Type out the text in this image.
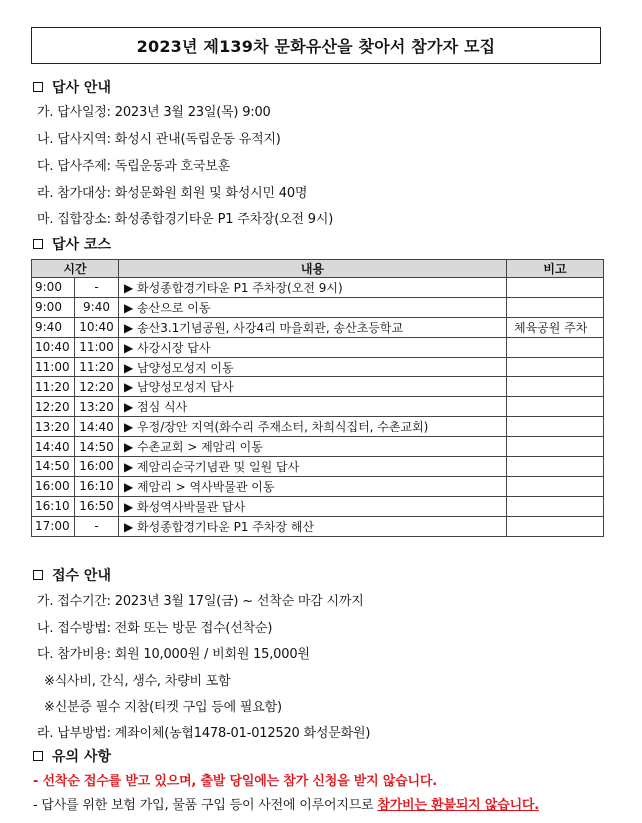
2023년 제139차 문화유산을 찾아서 참가자 모집
답사 안내
가. 답사일정: 2023년 3월 23일(목) 9:00
나. 답사지역: 화성시 관내(독립운동 유적지)
다. 답사주제: 독립운동과 호국보훈
라. 참가대상: 화성문화원 회원 및 화성시민 40명
마. 집합장소: 화성종합경기타운 P1 주차장(오전 9시)
답사 코스
시간		내용	비고
9:00	-	▶ 화성종합경기타운 P1 주차장(오전 9시)	
9:00	9:40	▶ 송산으로 이동	
9:40	10:40	▶ 송산3.1기념공원, 사강4리 마을회관, 송산초등학교	체육공원 주차
10:40	11:00	▶ 사강시장 답사	
11:00	11:20	▶ 남양성모성지 이동	
11:20	12:20	▶ 남양성모성지 답사	
12:20	13:20	▶ 점심 식사	
13:20	14:40	▶ 우정/장안 지역(화수리 주재소터, 차희식집터, 수촌교회)	
14:40	14:50	▶ 수촌교회 > 제암리 이동	
14:50	16:00	▶ 제암리순국기념관 및 일원 답사	
16:00	16:10	▶ 제암리 > 역사박물관 이동	
16:10	16:50	▶ 화성역사박물관 답사	
17:00	-	▶ 화성종합경기타운 P1 주차장 해산	
접수 안내
가. 접수기간: 2023년 3월 17일(금) ~ 선착순 마감 시까지
나. 접수방법: 전화 또는 방문 접수(선착순)
다. 참가비용: 회원 10,000원 / 비회원 15,000원
※식사비, 간식, 생수, 차량비 포함
※신분증 필수 지참(티켓 구입 등에 필요함)
라. 납부방법: 계좌이체(농협1478-01-012520 화성문화원)
유의 사항
- 선착순 접수를 받고 있으며, 출발 당일에는 참가 신청을 받지 않습니다.
- 답사를 위한 보험 가입, 물품 구입 등이 사전에 이루어지므로 참가비는 환불되지 않습니다.
